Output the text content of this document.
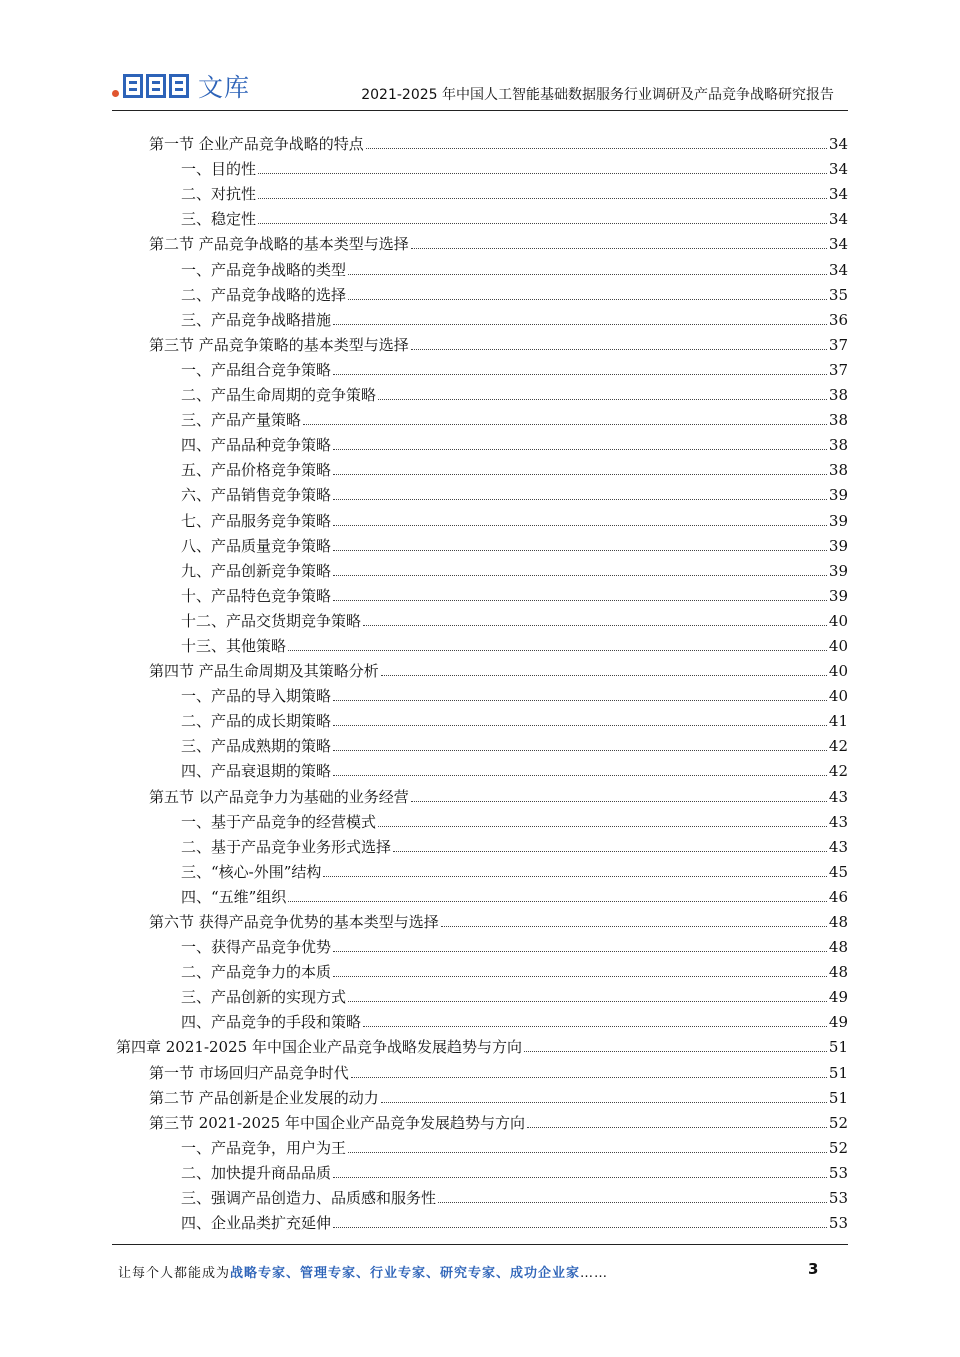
文库	2021-2025 年中国人工智能基础数据服务行业调研及产品竞争战略研究报告
第一节 企业产品竞争战略的特点	34
一、目的性	34
二、对抗性	34
三、稳定性	34
第二节 产品竞争战略的基本类型与选择	34
一、产品竞争战略的类型	34
二、产品竞争战略的选择	35
三、产品竞争战略措施	36
第三节 产品竞争策略的基本类型与选择	37
一、产品组合竞争策略	37
二、产品生命周期的竞争策略	38
三、产品产量策略	38
四、产品品种竞争策略	38
五、产品价格竞争策略	38
六、产品销售竞争策略	39
七、产品服务竞争策略	39
八、产品质量竞争策略	39
九、产品创新竞争策略	39
十、产品特色竞争策略	39
十二、产品交货期竞争策略	40
十三、其他策略	40
第四节 产品生命周期及其策略分析	40
一、产品的导入期策略	40
二、产品的成长期策略	41
三、产品成熟期的策略	42
四、产品衰退期的策略	42
第五节 以产品竞争力为基础的业务经营	43
一、基于产品竞争的经营模式	43
二、基于产品竞争业务形式选择	43
三、“核心-外围”结构	45
四、“五维”组织	46
第六节 获得产品竞争优势的基本类型与选择	48
一、获得产品竞争优势	48
二、产品竞争力的本质	48
三、产品创新的实现方式	49
四、产品竞争的手段和策略	49
第四章 2021-2025 年中国企业产品竞争战略发展趋势与方向	51
第一节 市场回归产品竞争时代	51
第二节 产品创新是企业发展的动力	51
第三节 2021-2025 年中国企业产品竞争发展趋势与方向	52
一、产品竞争，用户为王	52
二、加快提升商品品质	53
三、强调产品创造力、品质感和服务性	53
四、企业品类扩充延伸	53
让每个人都能成为战略专家、管理专家、行业专家、研究专家、成功企业家……	3
